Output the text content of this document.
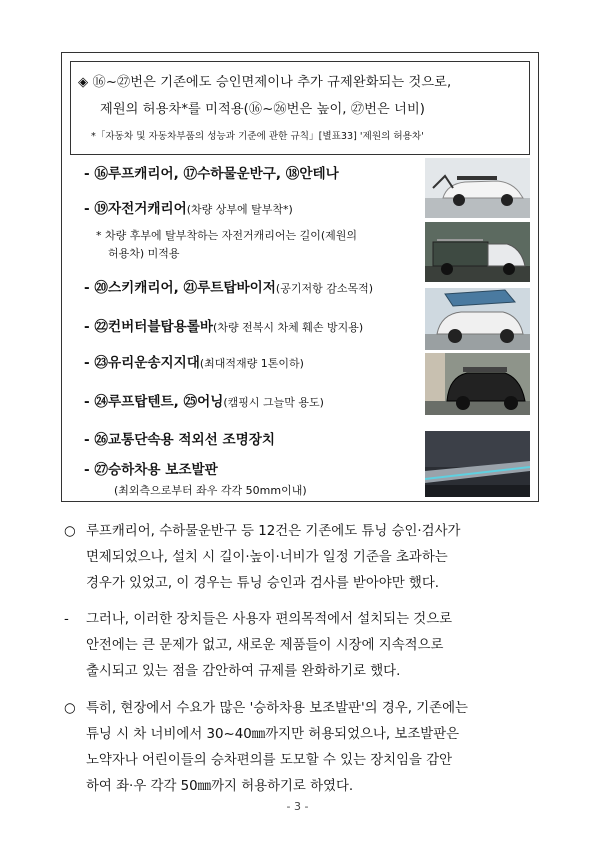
◈ ⑯~㉗번은 기존에도 승인면제이나 추가 규제완화되는 것으로,
제원의 허용차*를 미적용(⑯~㉖번은 높이, ㉗번은 너비)
*「자동차 및 자동차부품의 성능과 기준에 관한 규칙」[별표33] '제원의 허용차'
- ⑯루프캐리어, ⑰수하물운반구, ⑱안테나
- ⑲자전거캐리어(차량 상부에 탈부착*)
* 차량 후부에 탈부착하는 자전거캐리어는 길이(제원의
허용차) 미적용
- ⑳스키캐리어, ㉑루트탑바이저(공기저항 감소목적)
- ㉒컨버터블탑용롤바(차량 전복시 차체 훼손 방지용)
- ㉓유리운송지지대(최대적재량 1톤이하)
- ㉔루프탑텐트, ㉕어닝(캠핑시 그늘막 용도)
- ㉖교통단속용 적외선 조명장치
- ㉗승하차용 보조발판
(최외측으로부터 좌우 각각 50mm이내)
○ 루프캐리어, 수하물운반구 등 12건은 기존에도 튜닝 승인·검사가
면제되었으나, 설치 시 길이·높이·너비가 일정 기준을 초과하는
경우가 있었고, 이 경우는 튜닝 승인과 검사를 받아야만 했다.
- 그러나, 이러한 장치들은 사용자 편의목적에서 설치되는 것으로
안전에는 큰 문제가 없고, 새로운 제품들이 시장에 지속적으로
출시되고 있는 점을 감안하여 규제를 완화하기로 했다.
○ 특히, 현장에서 수요가 많은 '승하차용 보조발판'의 경우, 기존에는
튜닝 시 차 너비에서 30~40㎜까지만 허용되었으나, 보조발판은
노약자나 어린이들의 승차편의를 도모할 수 있는 장치임을 감안
하여 좌·우 각각 50㎜까지 허용하기로 하였다.
- 3 -
